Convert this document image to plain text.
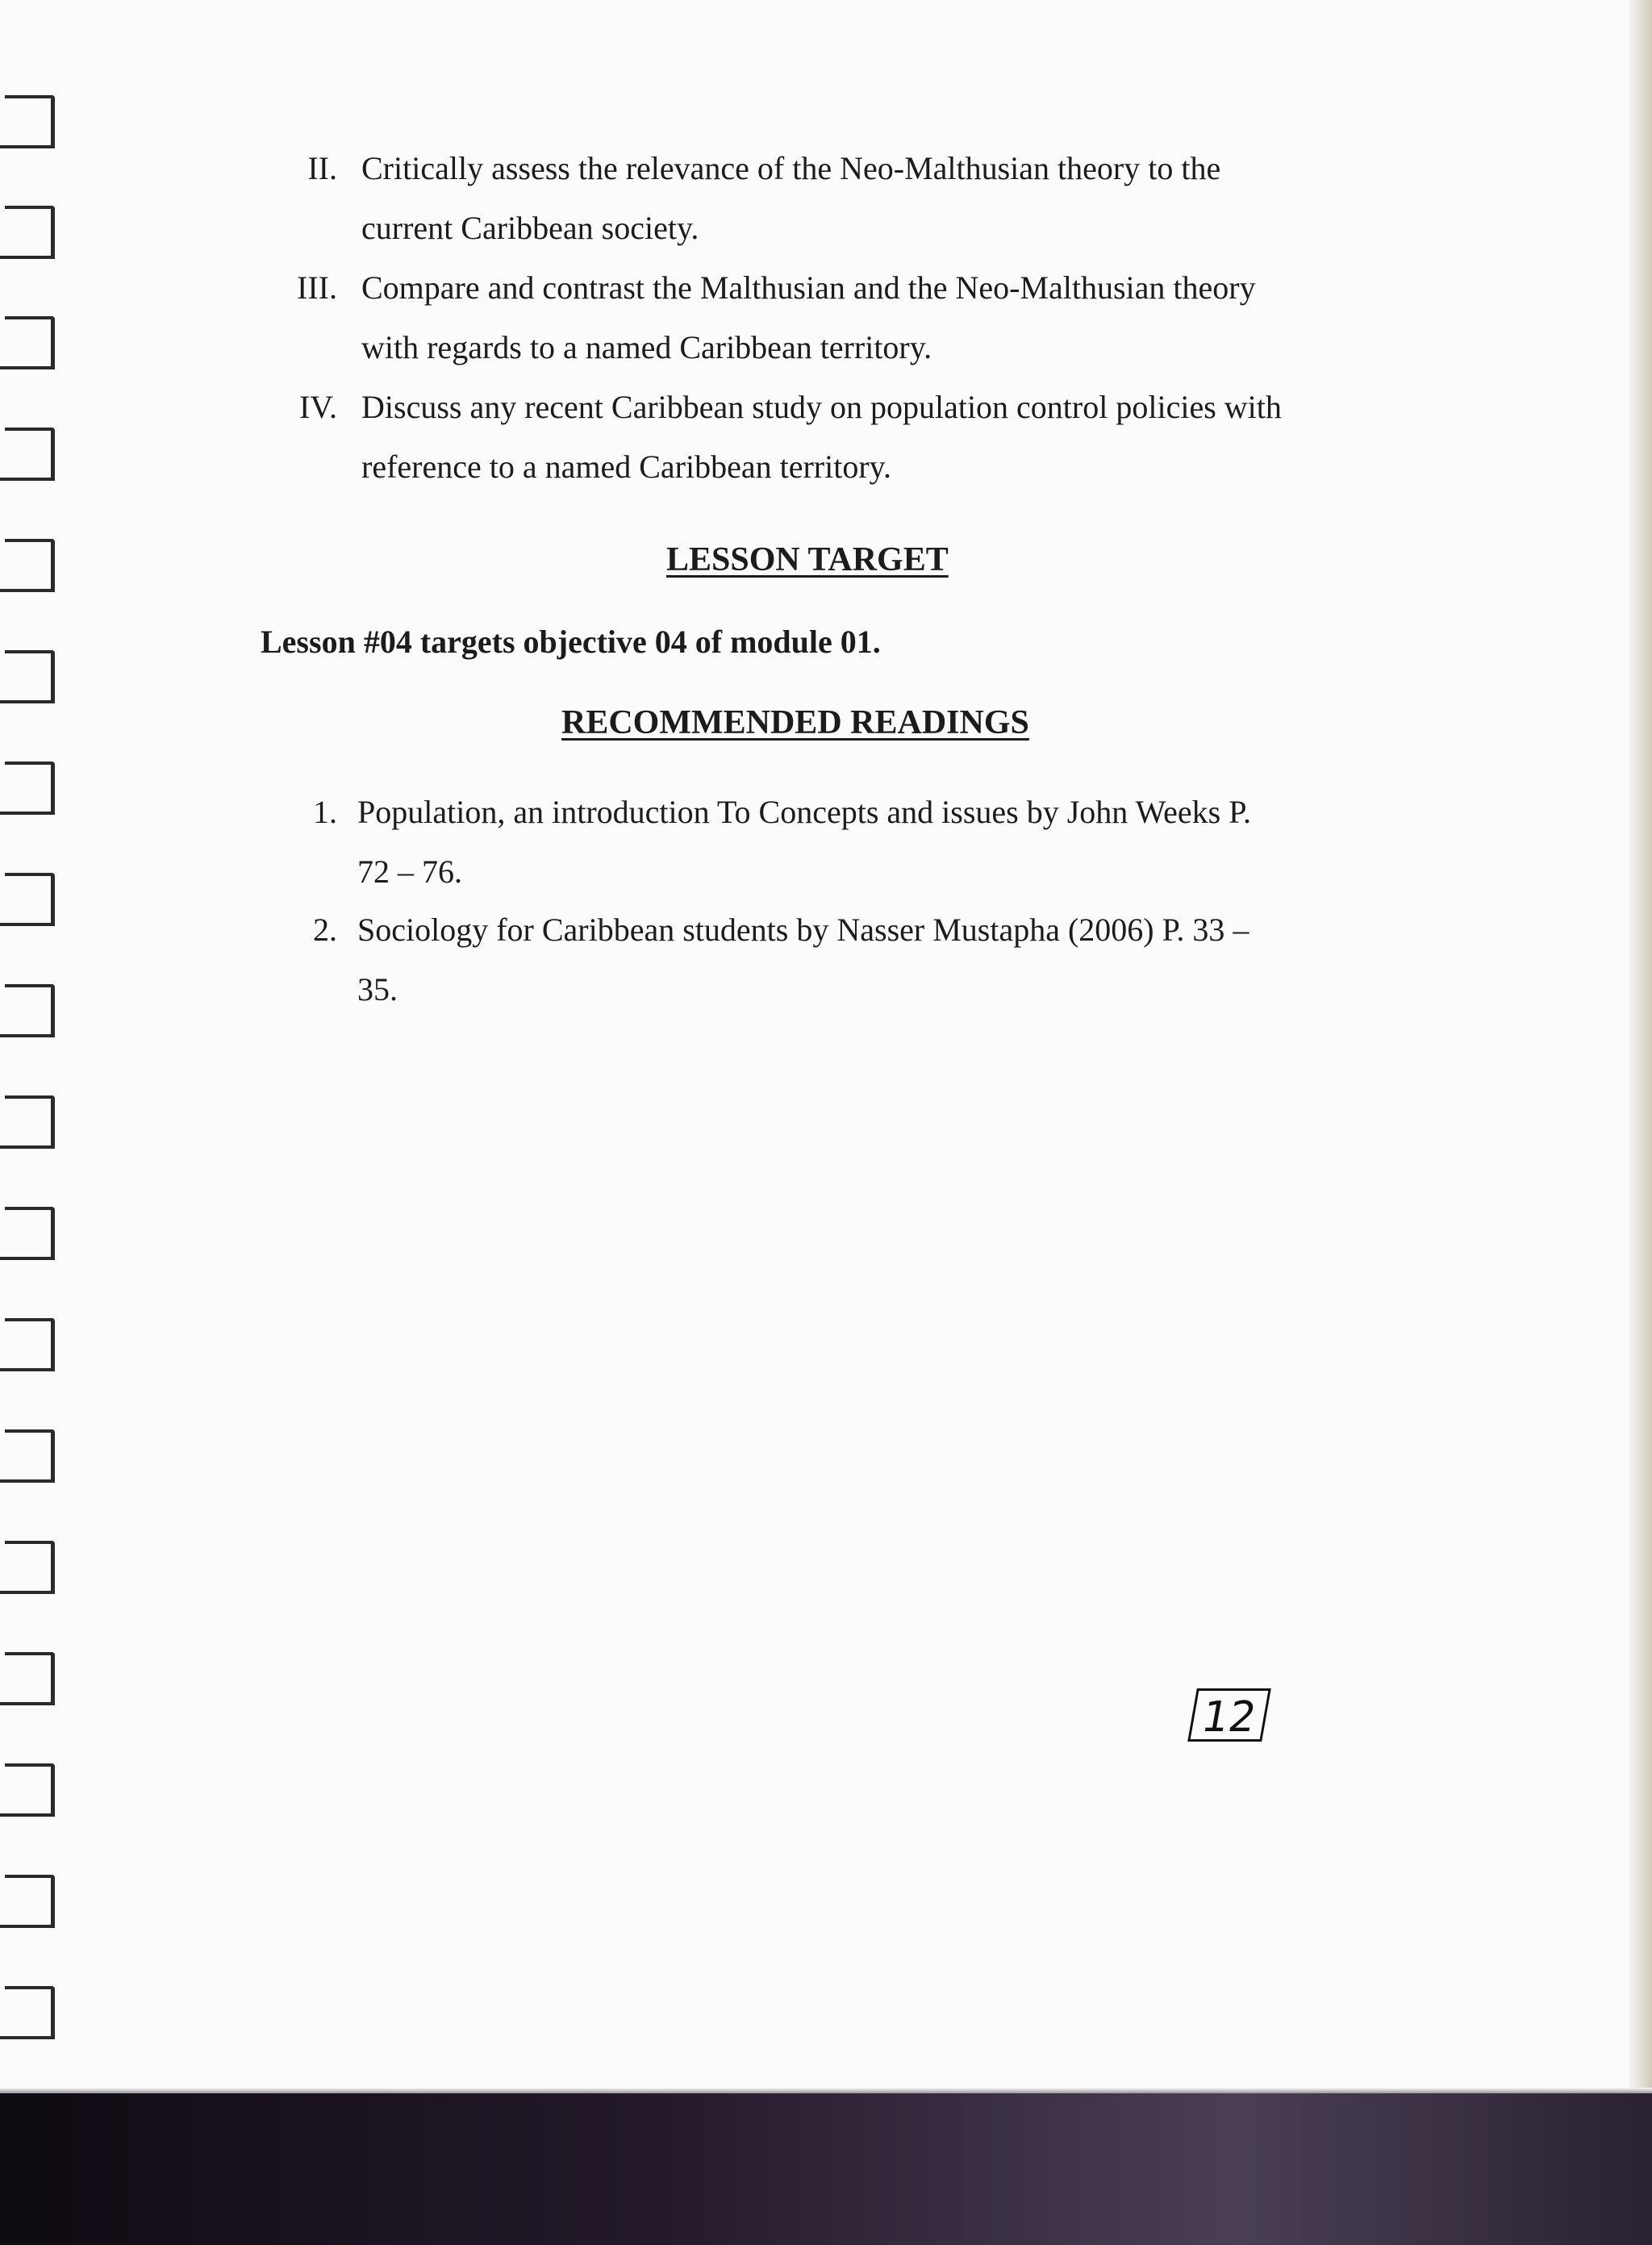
II. Critically assess the relevance of the Neo-Malthusian theory to the
current Caribbean society.
III. Compare and contrast the Malthusian and the Neo-Malthusian theory
with regards to a named Caribbean territory.
IV. Discuss any recent Caribbean study on population control policies with
reference to a named Caribbean territory.
LESSON TARGET
Lesson #04 targets objective 04 of module 01.
RECOMMENDED READINGS
1. Population, an introduction To Concepts and issues by John Weeks P.
72 – 76.
2. Sociology for Caribbean students by Nasser Mustapha (2006) P. 33 –
35.
12
